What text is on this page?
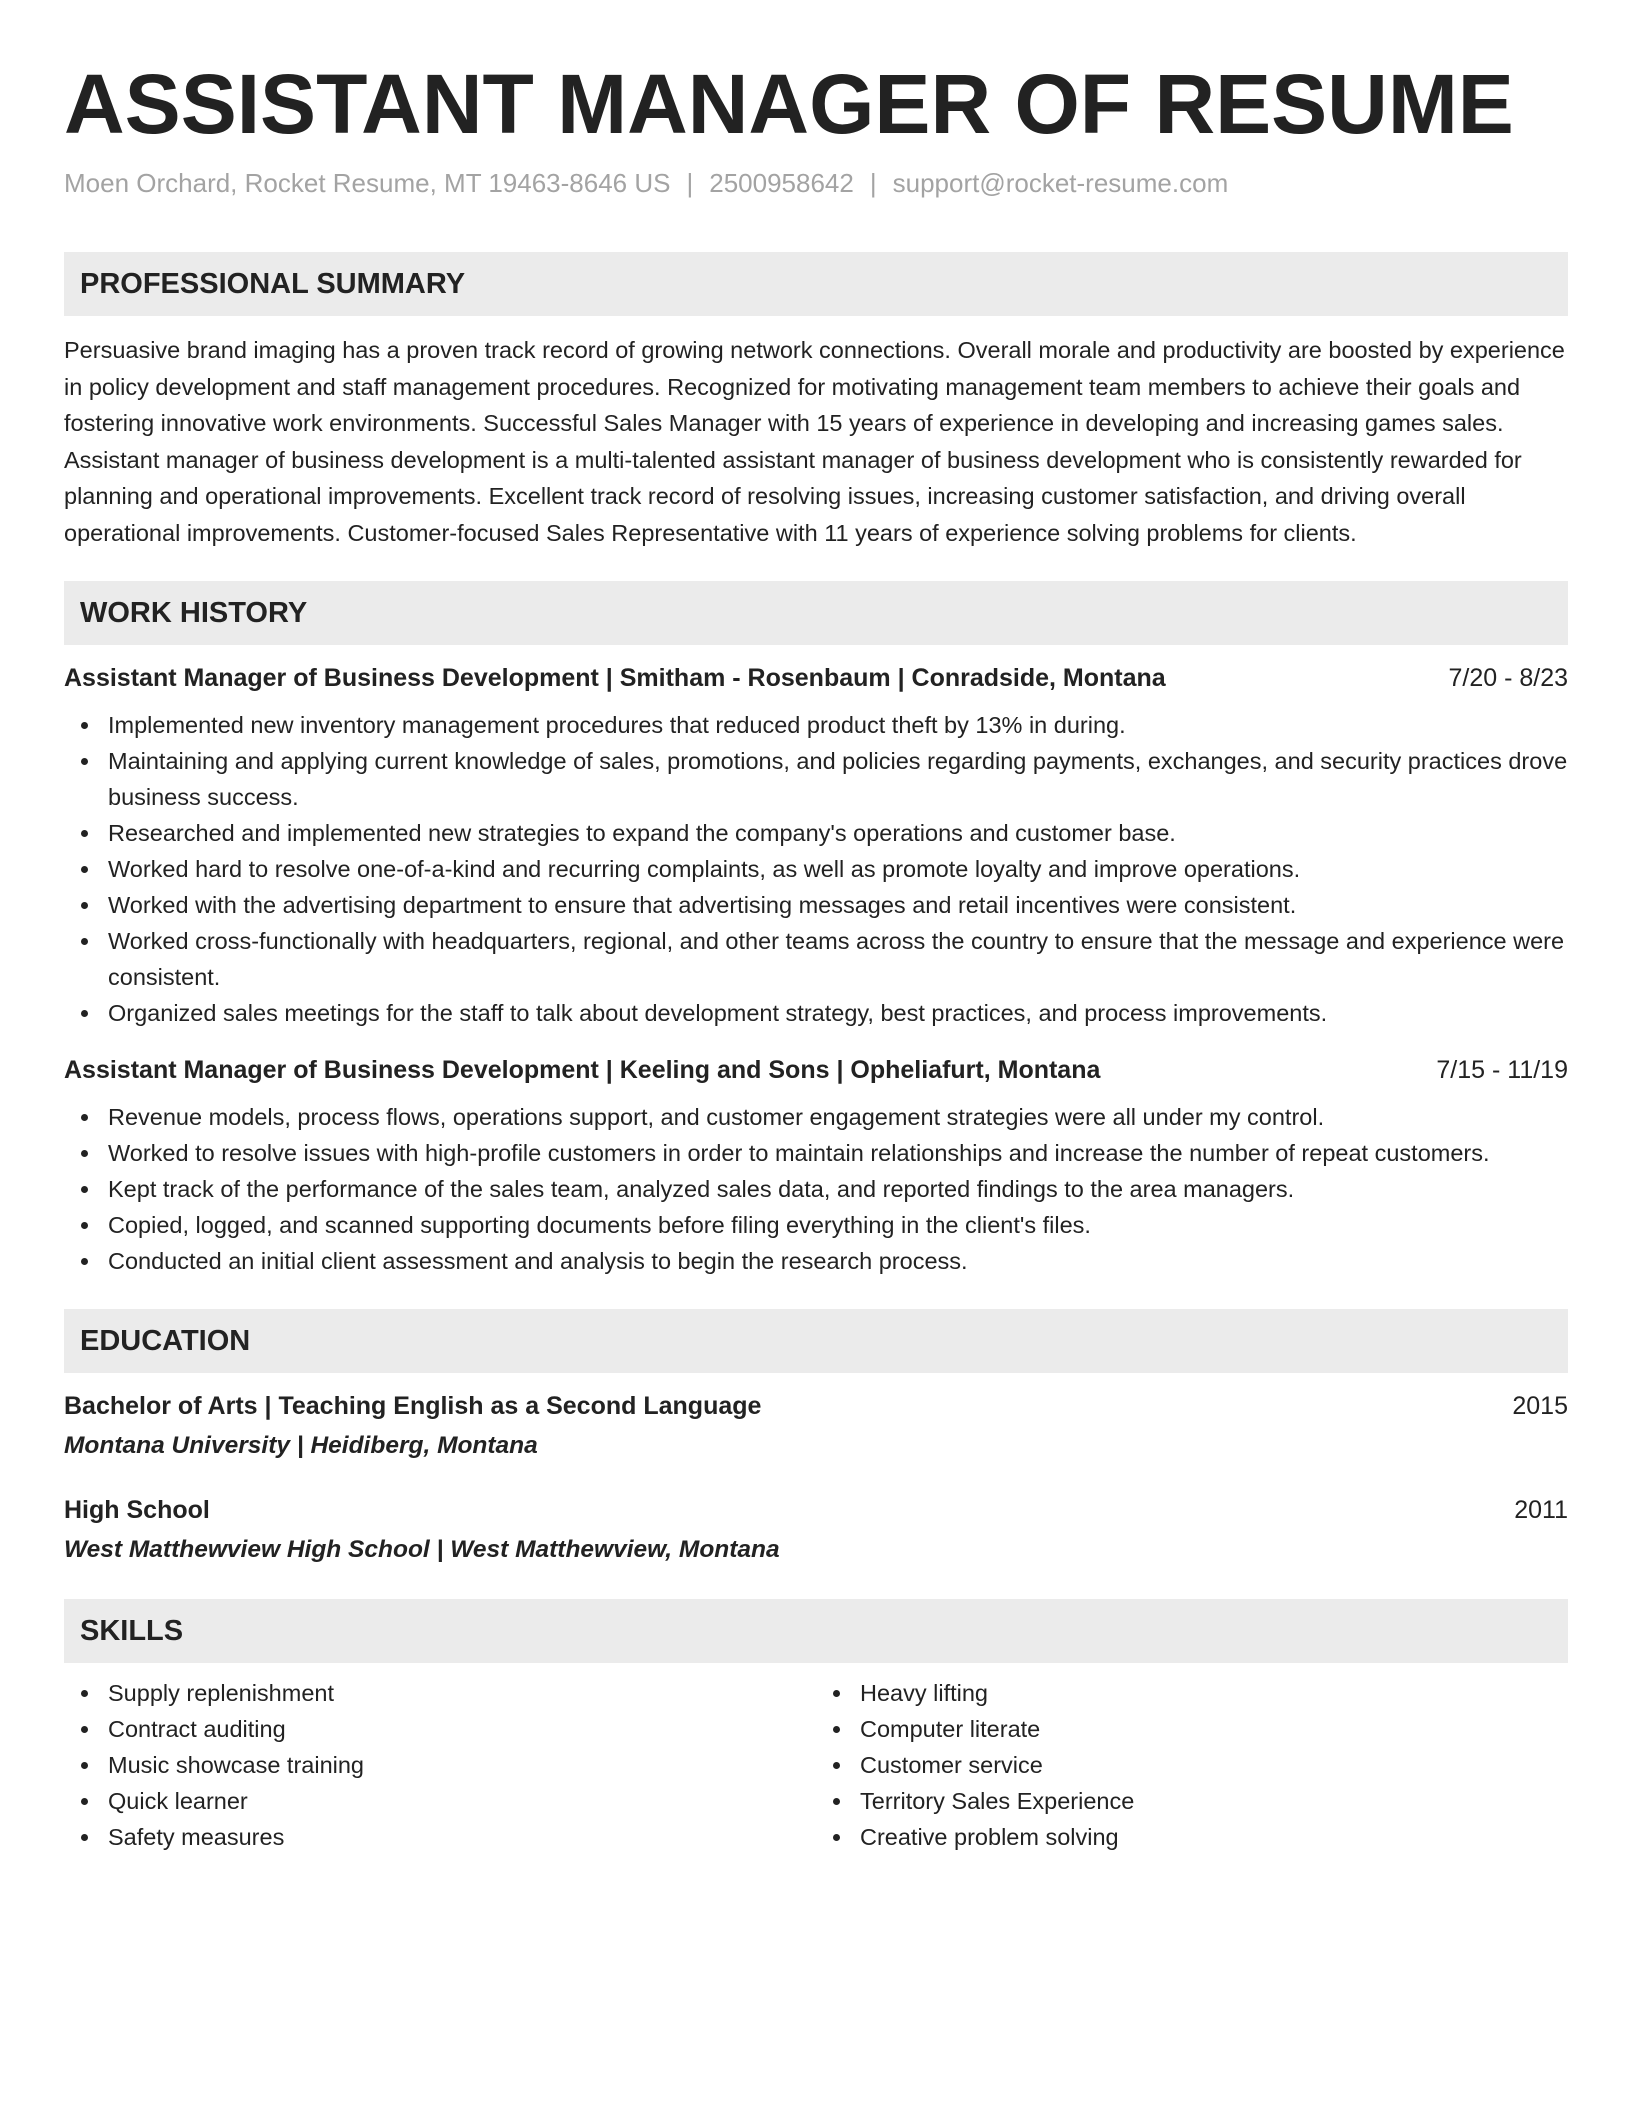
ASSISTANT MANAGER OF RESUME
Moen Orchard, Rocket Resume, MT 19463-8646 US | 2500958642 | support@rocket-resume.com
PROFESSIONAL SUMMARY

Persuasive brand imaging has a proven track record of growing network connections. Overall morale and productivity are boosted by experience in policy development and staff management procedures. Recognized for motivating management team members to achieve their goals and fostering innovative work environments. Successful Sales Manager with 15 years of experience in developing and increasing games sales. Assistant manager of business development is a multi-talented assistant manager of business development who is consistently rewarded for planning and operational improvements. Excellent track record of resolving issues, increasing customer satisfaction, and driving overall operational improvements. Customer-focused Sales Representative with 11 years of experience solving problems for clients.

WORK HISTORY
Assistant Manager of Business Development | Smitham - Rosenbaum | Conradside, Montana	7/20 - 8/23
Implemented new inventory management procedures that reduced product theft by 13% in during.
Maintaining and applying current knowledge of sales, promotions, and policies regarding payments, exchanges, and security practices drove business success.
Researched and implemented new strategies to expand the company's operations and customer base.
Worked hard to resolve one-of-a-kind and recurring complaints, as well as promote loyalty and improve operations.
Worked with the advertising department to ensure that advertising messages and retail incentives were consistent.
Worked cross-functionally with headquarters, regional, and other teams across the country to ensure that the message and experience were consistent.
Organized sales meetings for the staff to talk about development strategy, best practices, and process improvements.
Assistant Manager of Business Development | Keeling and Sons | Opheliafurt, Montana	7/15 - 11/19
Revenue models, process flows, operations support, and customer engagement strategies were all under my control.
Worked to resolve issues with high-profile customers in order to maintain relationships and increase the number of repeat customers.
Kept track of the performance of the sales team, analyzed sales data, and reported findings to the area managers.
Copied, logged, and scanned supporting documents before filing everything in the client's files.
Conducted an initial client assessment and analysis to begin the research process.
EDUCATION
Bachelor of Arts | Teaching English as a Second Language	2015
Montana University | Heidiberg, Montana
High School	2011
West Matthewview High School | West Matthewview, Montana
SKILLS
Supply replenishment
Contract auditing
Music showcase training
Quick learner
Safety measures
Heavy lifting
Computer literate
Customer service
Territory Sales Experience
Creative problem solving
